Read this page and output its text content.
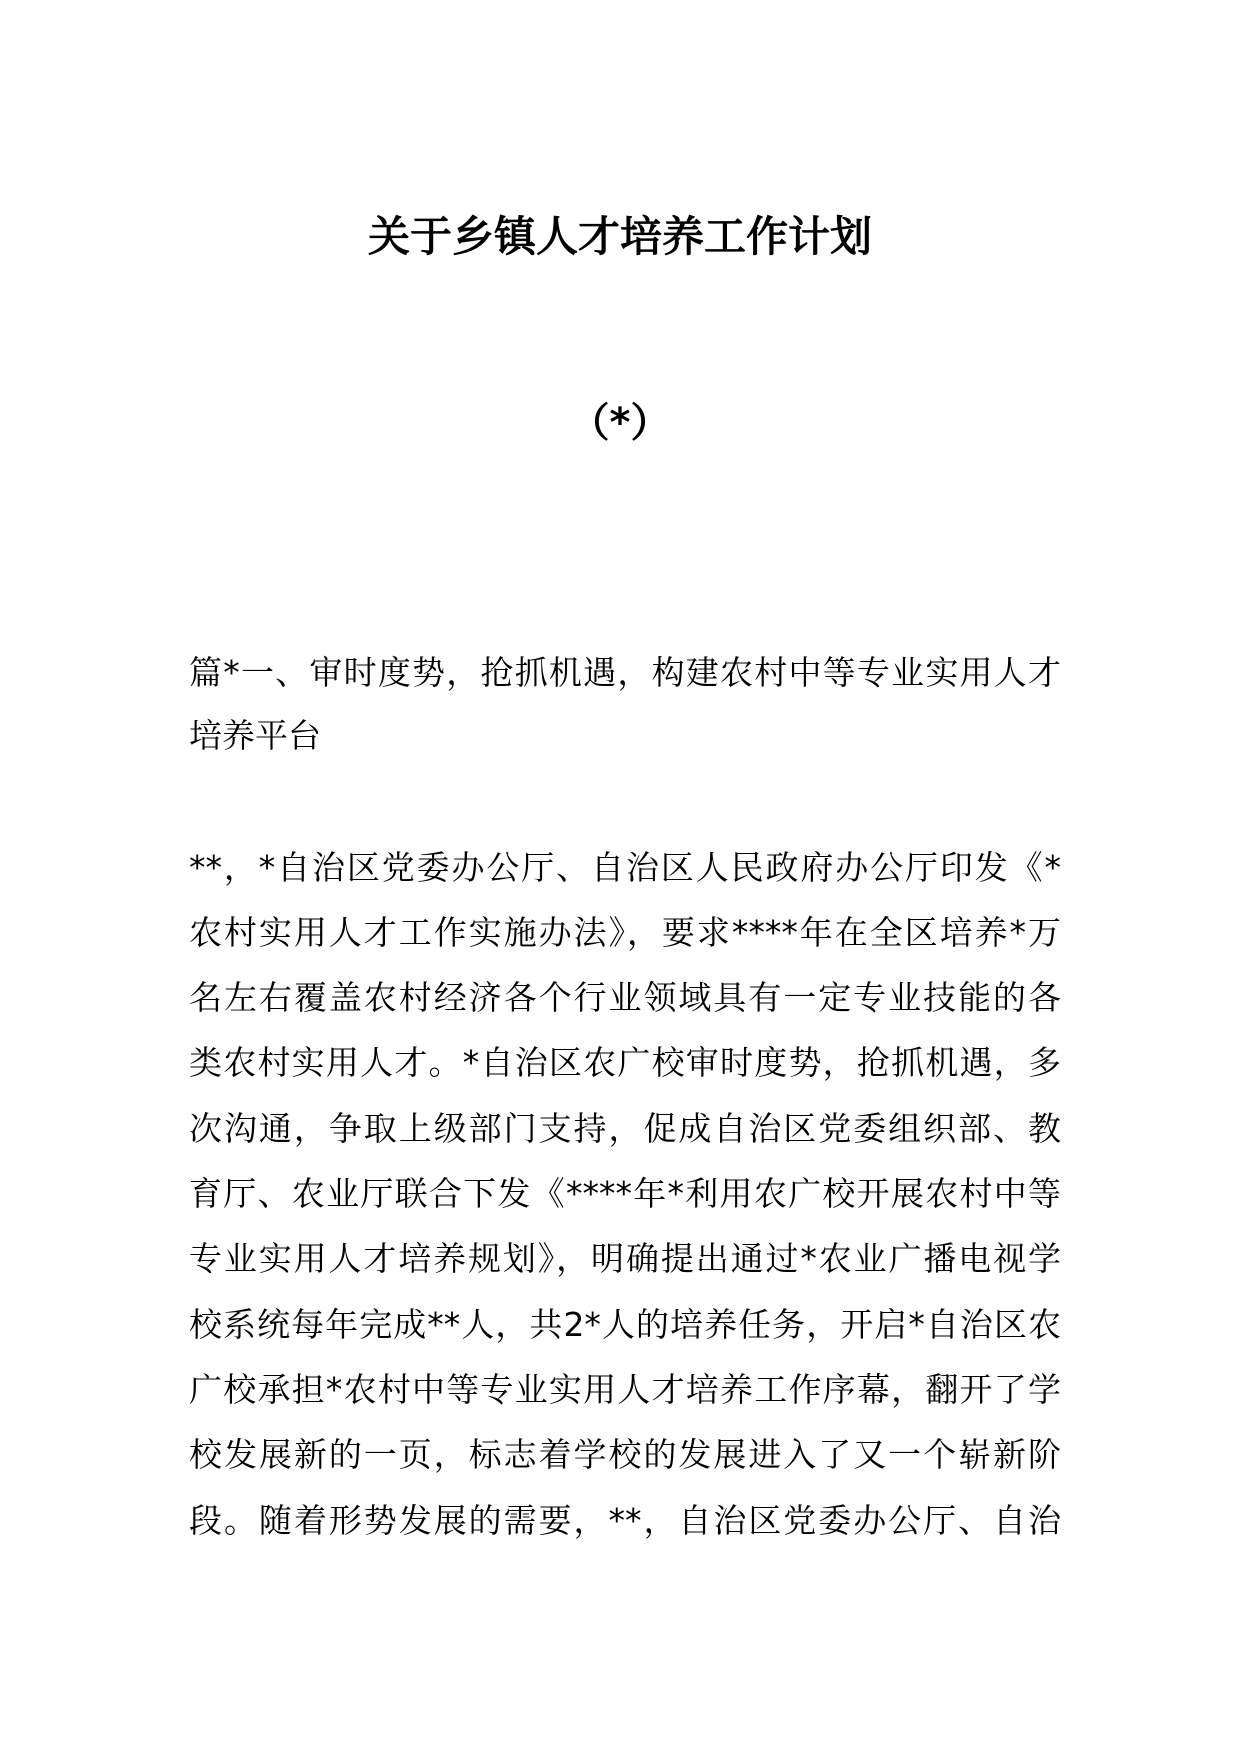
关于乡镇人才培养工作计划
（*）
篇*一、审时度势，抢抓机遇，构建农村中等专业实用人才
培养平台
**，*自治区党委办公厅、自治区人民政府办公厅印发《*
农村实用人才工作实施办法》，要求****年在全区培养*万
名左右覆盖农村经济各个行业领域具有一定专业技能的各
类农村实用人才。*自治区农广校审时度势，抢抓机遇，多
次沟通，争取上级部门支持，促成自治区党委组织部、教
育厅、农业厅联合下发《****年*利用农广校开展农村中等
专业实用人才培养规划》，明确提出通过*农业广播电视学
校系统每年完成**人，共2*人的培养任务，开启*自治区农
广校承担*农村中等专业实用人才培养工作序幕，翻开了学
校发展新的一页，标志着学校的发展进入了又一个崭新阶
段。随着形势发展的需要，**，自治区党委办公厅、自治
